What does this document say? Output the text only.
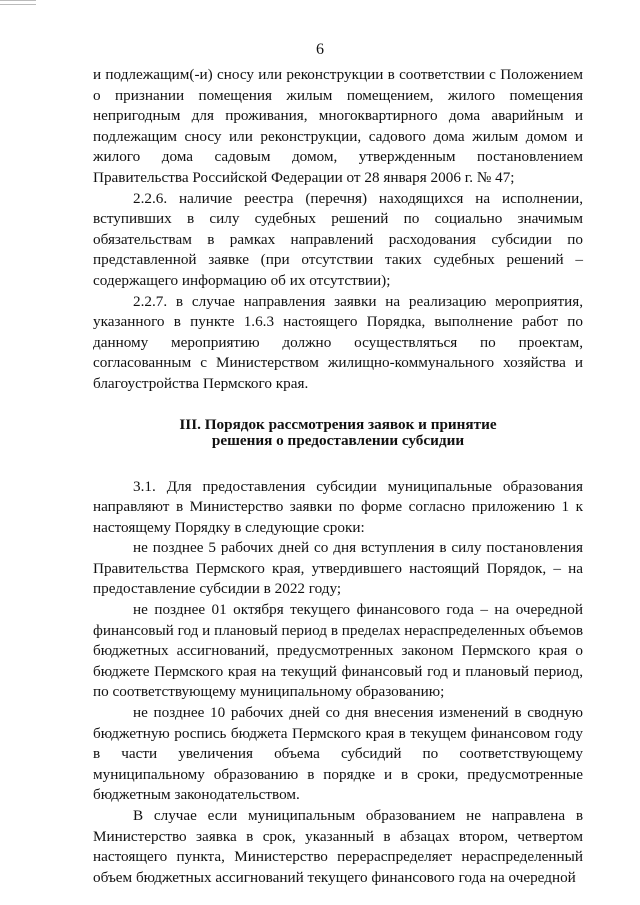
6

и подлежащим(-и) сносу или реконструкции в соответствии с Положением о признании помещения жилым помещением, жилого помещения непригодным для проживания, многоквартирного дома аварийным и подлежащим сносу или реконструкции, садового дома жилым домом и жилого дома садовым домом, утвержденным постановлением Правительства Российской Федерации от 28 января 2006 г. № 47;

2.2.6. наличие реестра (перечня) находящихся на исполнении, вступивших в силу судебных решений по социально значимым обязательствам в рамках направлений расходования субсидии по представленной заявке (при отсутствии таких судебных решений – содержащего информацию об их отсутствии);

2.2.7. в случае направления заявки на реализацию мероприятия, указанного в пункте 1.6.3 настоящего Порядка, выполнение работ по данному мероприятию должно осуществляться по проектам, согласованным с Министерством жилищно-коммунального хозяйства и благоустройства Пермского края.

III. Порядок рассмотрения заявок и принятие
решения о предоставлении субсидии

3.1. Для предоставления субсидии муниципальные образования направляют в Министерство заявки по форме согласно приложению 1 к настоящему Порядку в следующие сроки:

не позднее 5 рабочих дней со дня вступления в силу постановления Правительства Пермского края, утвердившего настоящий Порядок, – на предоставление субсидии в 2022 году;

не позднее 01 октября текущего финансового года – на очередной финансовый год и плановый период в пределах нераспределенных объемов бюджетных ассигнований, предусмотренных законом Пермского края о бюджете Пермского края на текущий финансовый год и плановый период, по соответствующему муниципальному образованию;

не позднее 10 рабочих дней со дня внесения изменений в сводную бюджетную роспись бюджета Пермского края в текущем финансовом году в части увеличения объема субсидий по соответствующему муниципальному образованию в порядке и в сроки, предусмотренные бюджетным законодательством.

В случае если муниципальным образованием не направлена в Министерство заявка в срок, указанный в абзацах втором, четвертом настоящего пункта, Министерство перераспределяет нераспределенный объем бюджетных ассигнований текущего финансового года на очередной
